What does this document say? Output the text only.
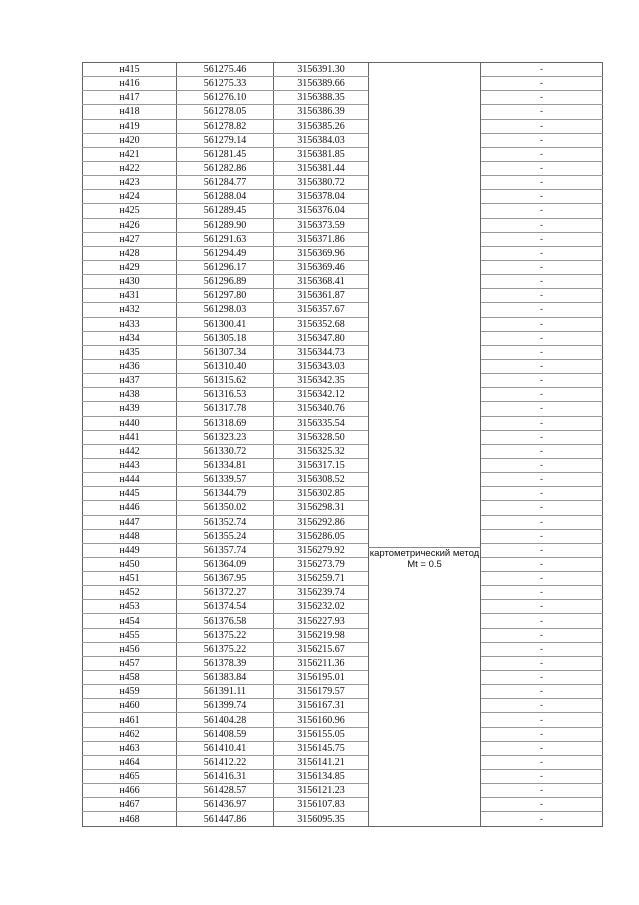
н415	561275.46	3156391.30	картометрический метод Mt = 0.5	-
н416	561275.33	3156389.66		-
н417	561276.10	3156388.35		-
н418	561278.05	3156386.39		-
н419	561278.82	3156385.26		-
н420	561279.14	3156384.03		-
н421	561281.45	3156381.85		-
н422	561282.86	3156381.44		-
н423	561284.77	3156380.72		-
н424	561288.04	3156378.04		-
н425	561289.45	3156376.04		-
н426	561289.90	3156373.59		-
н427	561291.63	3156371.86		-
н428	561294.49	3156369.96		-
н429	561296.17	3156369.46		-
н430	561296.89	3156368.41		-
н431	561297.80	3156361.87		-
н432	561298.03	3156357.67		-
н433	561300.41	3156352.68		-
н434	561305.18	3156347.80		-
н435	561307.34	3156344.73		-
н436	561310.40	3156343.03		-
н437	561315.62	3156342.35		-
н438	561316.53	3156342.12		-
н439	561317.78	3156340.76		-
н440	561318.69	3156335.54		-
н441	561323.23	3156328.50		-
н442	561330.72	3156325.32		-
н443	561334.81	3156317.15		-
н444	561339.57	3156308.52		-
н445	561344.79	3156302.85		-
н446	561350.02	3156298.31		-
н447	561352.74	3156292.86		-
н448	561355.24	3156286.05		-
н449	561357.74	3156279.92		-
н450	561364.09	3156273.79		-
н451	561367.95	3156259.71		-
н452	561372.27	3156239.74		-
н453	561374.54	3156232.02		-
н454	561376.58	3156227.93		-
н455	561375.22	3156219.98		-
н456	561375.22	3156215.67		-
н457	561378.39	3156211.36		-
н458	561383.84	3156195.01		-
н459	561391.11	3156179.57		-
н460	561399.74	3156167.31		-
н461	561404.28	3156160.96		-
н462	561408.59	3156155.05		-
н463	561410.41	3156145.75		-
н464	561412.22	3156141.21		-
н465	561416.31	3156134.85		-
н466	561428.57	3156121.23		-
н467	561436.97	3156107.83		-
н468	561447.86	3156095.35		-
